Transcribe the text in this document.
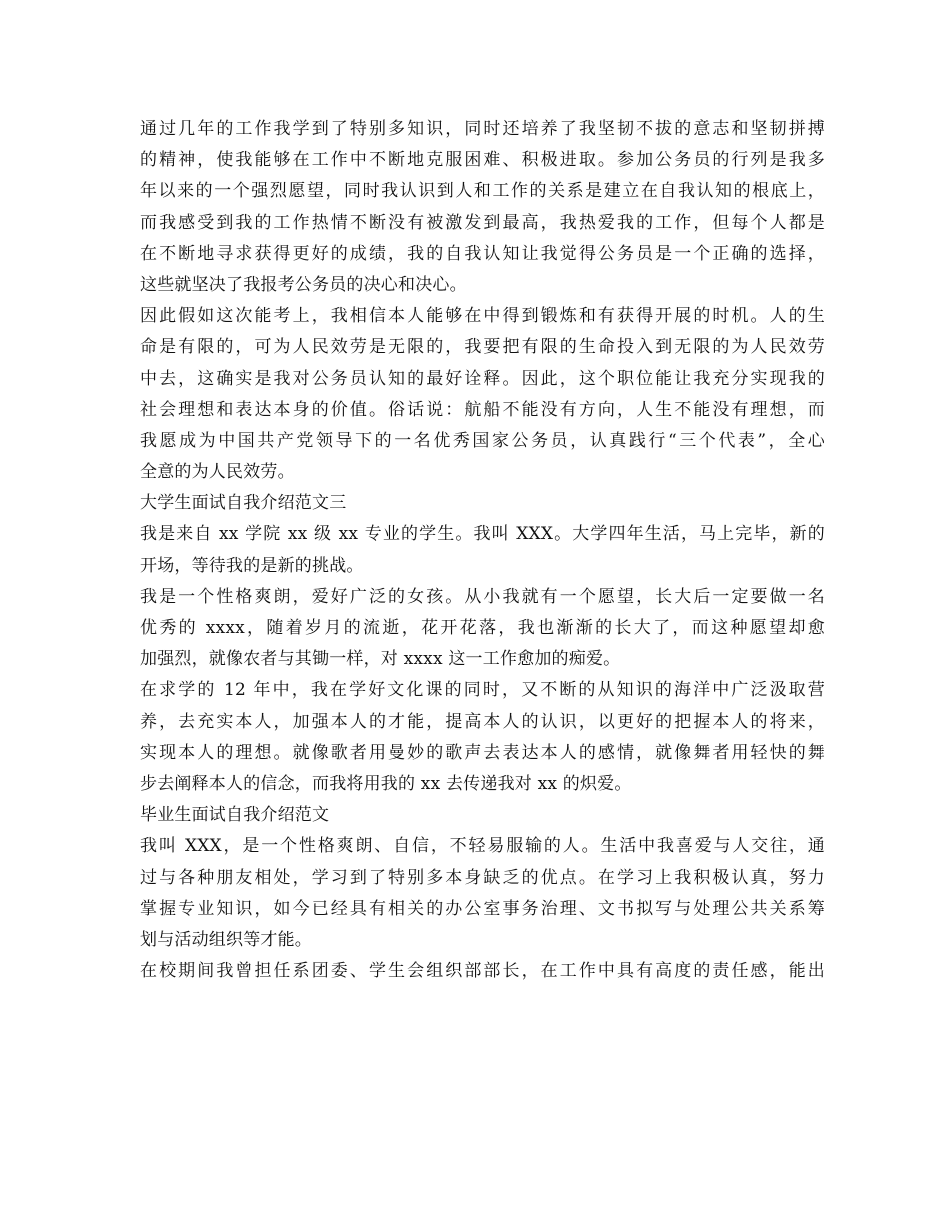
通过几年的工作我学到了特别多知识，同时还培养了我坚韧不拔的意志和坚韧拼搏
的精神，使我能够在工作中不断地克服困难、积极进取。参加公务员的行列是我多
年以来的一个强烈愿望，同时我认识到人和工作的关系是建立在自我认知的根底上，
而我感受到我的工作热情不断没有被激发到最高，我热爱我的工作，但每个人都是
在不断地寻求获得更好的成绩，我的自我认知让我觉得公务员是一个正确的选择，
这些就坚决了我报考公务员的决心和决心。
因此假如这次能考上，我相信本人能够在中得到锻炼和有获得开展的时机。人的生
命是有限的，可为人民效劳是无限的，我要把有限的生命投入到无限的为人民效劳
中去，这确实是我对公务员认知的最好诠释。因此，这个职位能让我充分实现我的
社会理想和表达本身的价值。俗话说：航船不能没有方向，人生不能没有理想，而
我愿成为中国共产党领导下的一名优秀国家公务员，认真践行“三个代表”，全心
全意的为人民效劳。
大学生面试自我介绍范文三
我是来自 xx 学院 xx 级 xx 专业的学生。我叫 XXX。大学四年生活，马上完毕，新的
开场，等待我的是新的挑战。
我是一个性格爽朗，爱好广泛的女孩。从小我就有一个愿望，长大后一定要做一名
优秀的 xxxx，随着岁月的流逝，花开花落，我也渐渐的长大了，而这种愿望却愈
加强烈，就像农者与其锄一样，对 xxxx 这一工作愈加的痴爱。
在求学的 12 年中，我在学好文化课的同时，又不断的从知识的海洋中广泛汲取营
养，去充实本人，加强本人的才能，提高本人的认识，以更好的把握本人的将来，
实现本人的理想。就像歌者用曼妙的歌声去表达本人的感情，就像舞者用轻快的舞
步去阐释本人的信念，而我将用我的 xx 去传递我对 xx 的炽爱。
毕业生面试自我介绍范文
我叫 XXX，是一个性格爽朗、自信，不轻易服输的人。生活中我喜爱与人交往，通
过与各种朋友相处，学习到了特别多本身缺乏的优点。在学习上我积极认真，努力
掌握专业知识，如今已经具有相关的办公室事务治理、文书拟写与处理公共关系筹
划与活动组织等才能。
在校期间我曾担任系团委、学生会组织部部长，在工作中具有高度的责任感，能出
